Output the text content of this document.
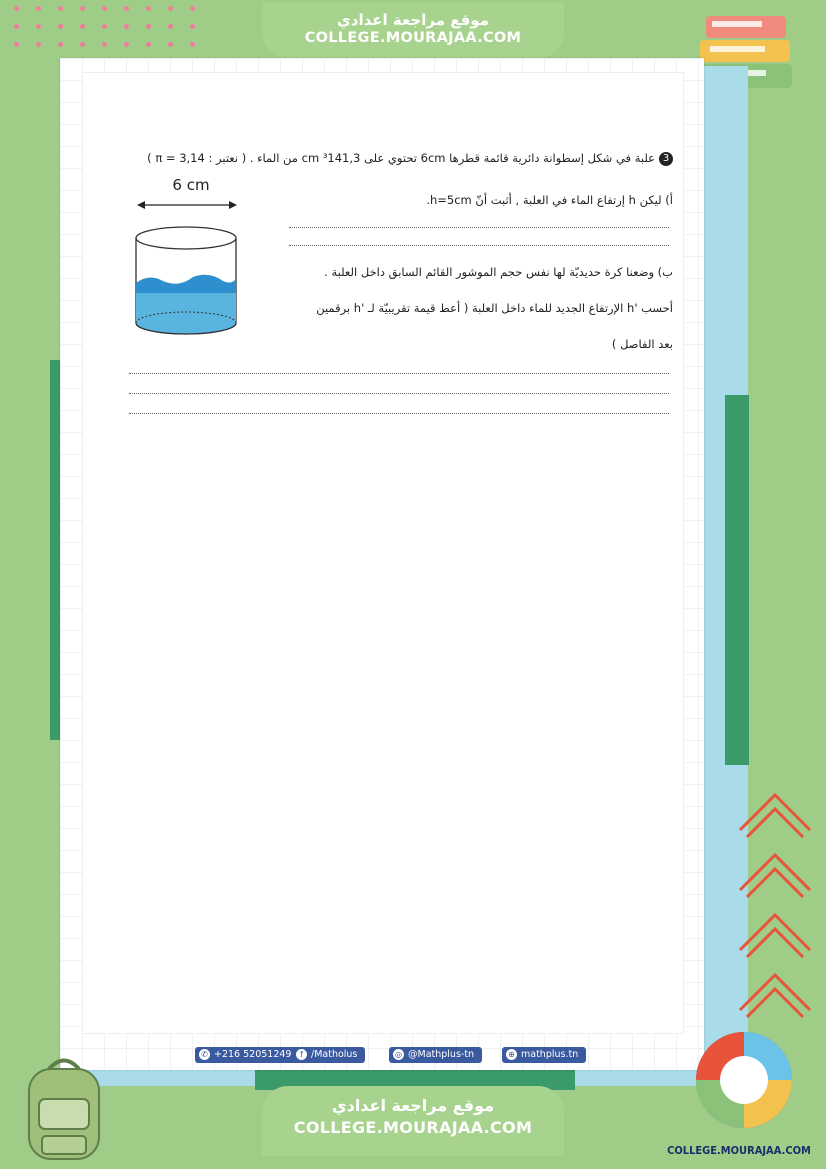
موقع مراجعة اعدادي
COLLEGE.MOURAJAA.COM
3علبة في شكل إسطوانة دائرية قائمة قطرها 6cm تحتوي على ³141,3 cm من الماء . ( نعتبر : π = 3,14 )
6 cm
أ) ليكن h إرتفاع الماء في العلبة , أثبت أنّ h=5cm.
ب) وضعنا كرة حديديّة لها نفس حجم الموشور القائم السابق داخل العلبة .
أحسب 'h الإرتفاع الجديد للماء داخل العلبة ( أعط قيمة تقريبيّة لـ 'h برقمين
بعد الفاصل )
✆ +216 52051249	f /Matholus	◎ @Mathplus-tn	⊕ mathplus.tn
موقع مراجعة اعدادي
COLLEGE.MOURAJAA.COM
COLLEGE.MOURAJAA.COM
